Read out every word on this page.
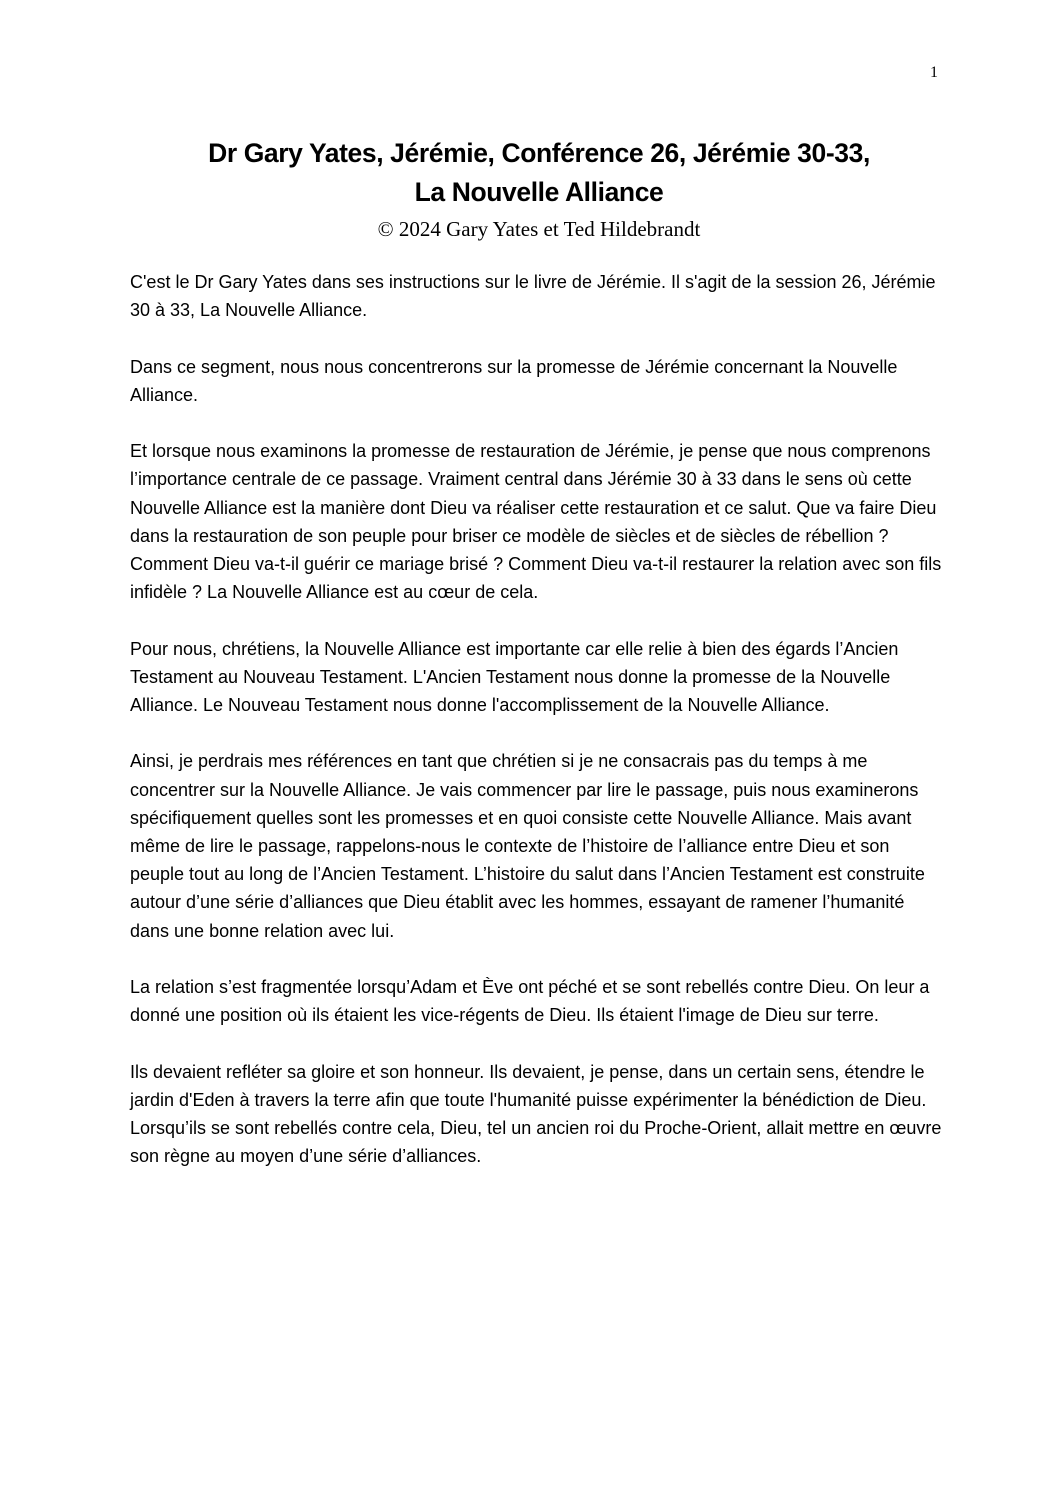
1
Dr Gary Yates, Jérémie, Conférence 26, Jérémie 30-33,
La Nouvelle Alliance
© 2024 Gary Yates et Ted Hildebrandt

C'est le Dr Gary Yates dans ses instructions sur le livre de Jérémie. Il s'agit de la session 26, Jérémie 30 à 33, La Nouvelle Alliance.

Dans ce segment, nous nous concentrerons sur la promesse de Jérémie concernant la Nouvelle Alliance.

Et lorsque nous examinons la promesse de restauration de Jérémie, je pense que nous comprenons l’importance centrale de ce passage. Vraiment central dans Jérémie 30 à 33 dans le sens où cette Nouvelle Alliance est la manière dont Dieu va réaliser cette restauration et ce salut. Que va faire Dieu dans la restauration de son peuple pour briser ce modèle de siècles et de siècles de rébellion ? Comment Dieu va-t-il guérir ce mariage brisé ? Comment Dieu va-t-il restaurer la relation avec son fils infidèle ? La Nouvelle Alliance est au cœur de cela.

Pour nous, chrétiens, la Nouvelle Alliance est importante car elle relie à bien des égards l’Ancien Testament au Nouveau Testament. L'Ancien Testament nous donne la promesse de la Nouvelle Alliance. Le Nouveau Testament nous donne l'accomplissement de la Nouvelle Alliance.

Ainsi, je perdrais mes références en tant que chrétien si je ne consacrais pas du temps à me concentrer sur la Nouvelle Alliance. Je vais commencer par lire le passage, puis nous examinerons spécifiquement quelles sont les promesses et en quoi consiste cette Nouvelle Alliance. Mais avant même de lire le passage, rappelons-nous le contexte de l’histoire de l’alliance entre Dieu et son peuple tout au long de l’Ancien Testament. L’histoire du salut dans l’Ancien Testament est construite autour d’une série d’alliances que Dieu établit avec les hommes, essayant de ramener l’humanité dans une bonne relation avec lui.

La relation s’est fragmentée lorsqu’Adam et Ève ont péché et se sont rebellés contre Dieu. On leur a donné une position où ils étaient les vice-régents de Dieu. Ils étaient l'image de Dieu sur terre.

Ils devaient refléter sa gloire et son honneur. Ils devaient, je pense, dans un certain sens, étendre le jardin d'Eden à travers la terre afin que toute l'humanité puisse expérimenter la bénédiction de Dieu. Lorsqu’ils se sont rebellés contre cela, Dieu, tel un ancien roi du Proche-Orient, allait mettre en œuvre son règne au moyen d’une série d’alliances.
